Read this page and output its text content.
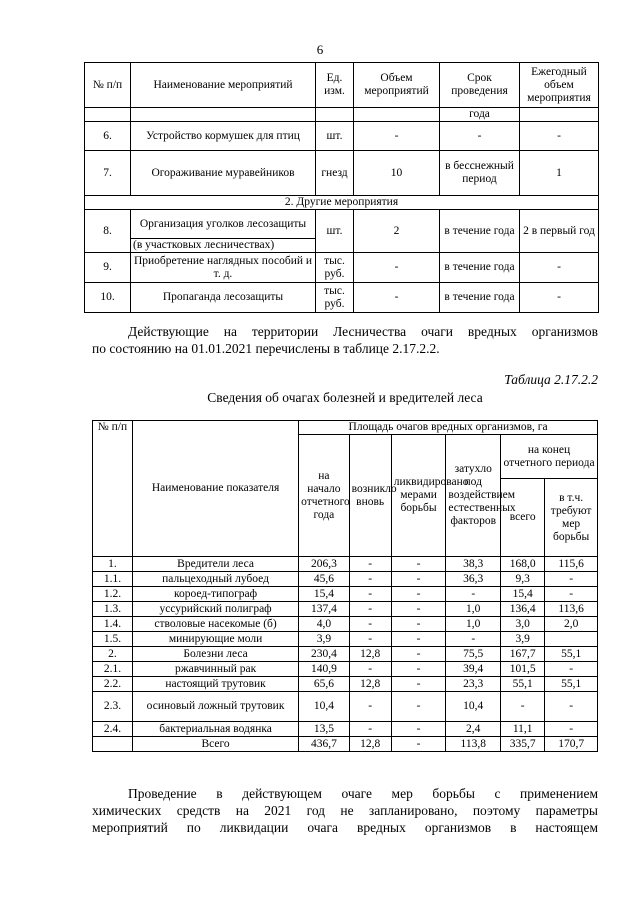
6
№ п/п	Наименование мероприятий	Ед. изм.	Объем мероприятий	Срок проведения	Ежегодный объем мероприятия
				года	
6.	Устройство кормушек для птиц	шт.	-	-	-
7.	Огораживание муравейников	гнезд	10	в бесснежный период	1
2. Другие мероприятия					
8.	Организация уголков лесозащиты	шт.	2	в течение года	2 в первый год
	(в участковых лесничествах)				
9.	Приобретение наглядных пособий и т. д.	тыс. руб.	-	в течение года	-
10.	Пропаганда лесозащиты	тыс. руб.	-	в течение года	-
Действующие на территории Лесничества очаги вредных организмов
по состоянию на 01.01.2021 перечислены в таблице 2.17.2.2.
Таблица 2.17.2.2
Сведения об очагах болезней и вредителей леса
№ п/п	Наименование показателя	Площадь очагов вредных организмов, га					
		на начало отчетного года	возникло вновь	ликвидировано мерами борьбы	затухло под воздействием естественных факторов	на конец отчетного периода	
						всего	в т.ч. требуют мер борьбы
1.	Вредители леса	206,3	-	-	38,3	168,0	115,6
1.1.	пальцеходный лубоед	45,6	-	-	36,3	9,3	-
1.2.	короед-типограф	15,4	-	-	-	15,4	-
1.3.	уссурийский полиграф	137,4	-	-	1,0	136,4	113,6
1.4.	стволовые насекомые (б)	4,0	-	-	1,0	3,0	2,0
1.5.	минирующие моли	3,9	-	-	-	3,9	
2.	Болезни леса	230,4	12,8	-	75,5	167,7	55,1
2.1.	ржавчинный рак	140,9	-	-	39,4	101,5	-
2.2.	настоящий трутовик	65,6	12,8	-	23,3	55,1	55,1
2.3.	осиновый ложный трутовик	10,4	-	-	10,4	-	-
2.4.	бактериальная водянка	13,5	-	-	2,4	11,1	-
	Всего	436,7	12,8	-	113,8	335,7	170,7
Проведение в действующем очаге мер борьбы с применением
химических средств на 2021 год не запланировано, поэтому параметры
мероприятий по ликвидации очага вредных организмов в настоящем
